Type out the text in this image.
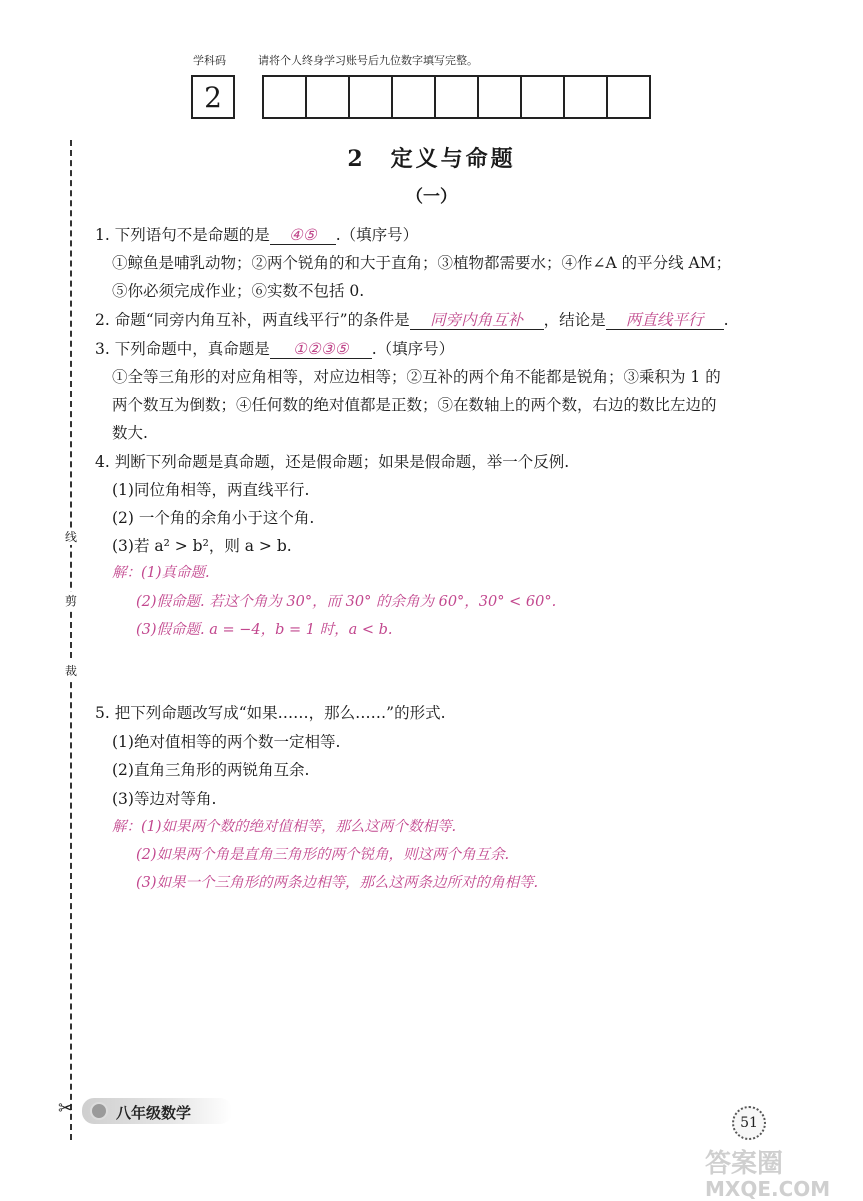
学科码	请将个人终身学习账号后九位数字填写完整。
2
线
剪
裁
✂
2　定义与命题
（一）
1. 下列语句不是命题的是 ④⑤ .（填序号）
①鲸鱼是哺乳动物；②两个锐角的和大于直角；③植物都需要水；④作∠A 的平分线 AM；
⑤你必须完成作业；⑥实数不包括 0.
2. 命题“同旁内角互补，两直线平行”的条件是 同旁内角互补 ，结论是 两直线平行 .
3. 下列命题中，真命题是 ①②③⑤ .（填序号）
①全等三角形的对应角相等，对应边相等；②互补的两个角不能都是锐角；③乘积为 1 的
两个数互为倒数；④任何数的绝对值都是正数；⑤在数轴上的两个数，右边的数比左边的
数大.
4. 判断下列命题是真命题，还是假命题；如果是假命题，举一个反例.
(1)同位角相等，两直线平行.
(2) 一个角的余角小于这个角.
(3)若 a² > b²，则 a > b.
解：(1)真命题.
(2)假命题. 若这个角为 30°，而 30° 的余角为 60°，30° < 60°.
(3)假命题. a = −4，b = 1 时，a < b.
5. 把下列命题改写成“如果……，那么……”的形式.
(1)绝对值相等的两个数一定相等.
(2)直角三角形的两锐角互余.
(3)等边对等角.
解：(1)如果两个数的绝对值相等，那么这两个数相等.
(2)如果两个角是直角三角形的两个锐角，则这两个角互余.
(3)如果一个三角形的两条边相等，那么这两条边所对的角相等.
八年级数学
51
答案圈
MXQE.COM
